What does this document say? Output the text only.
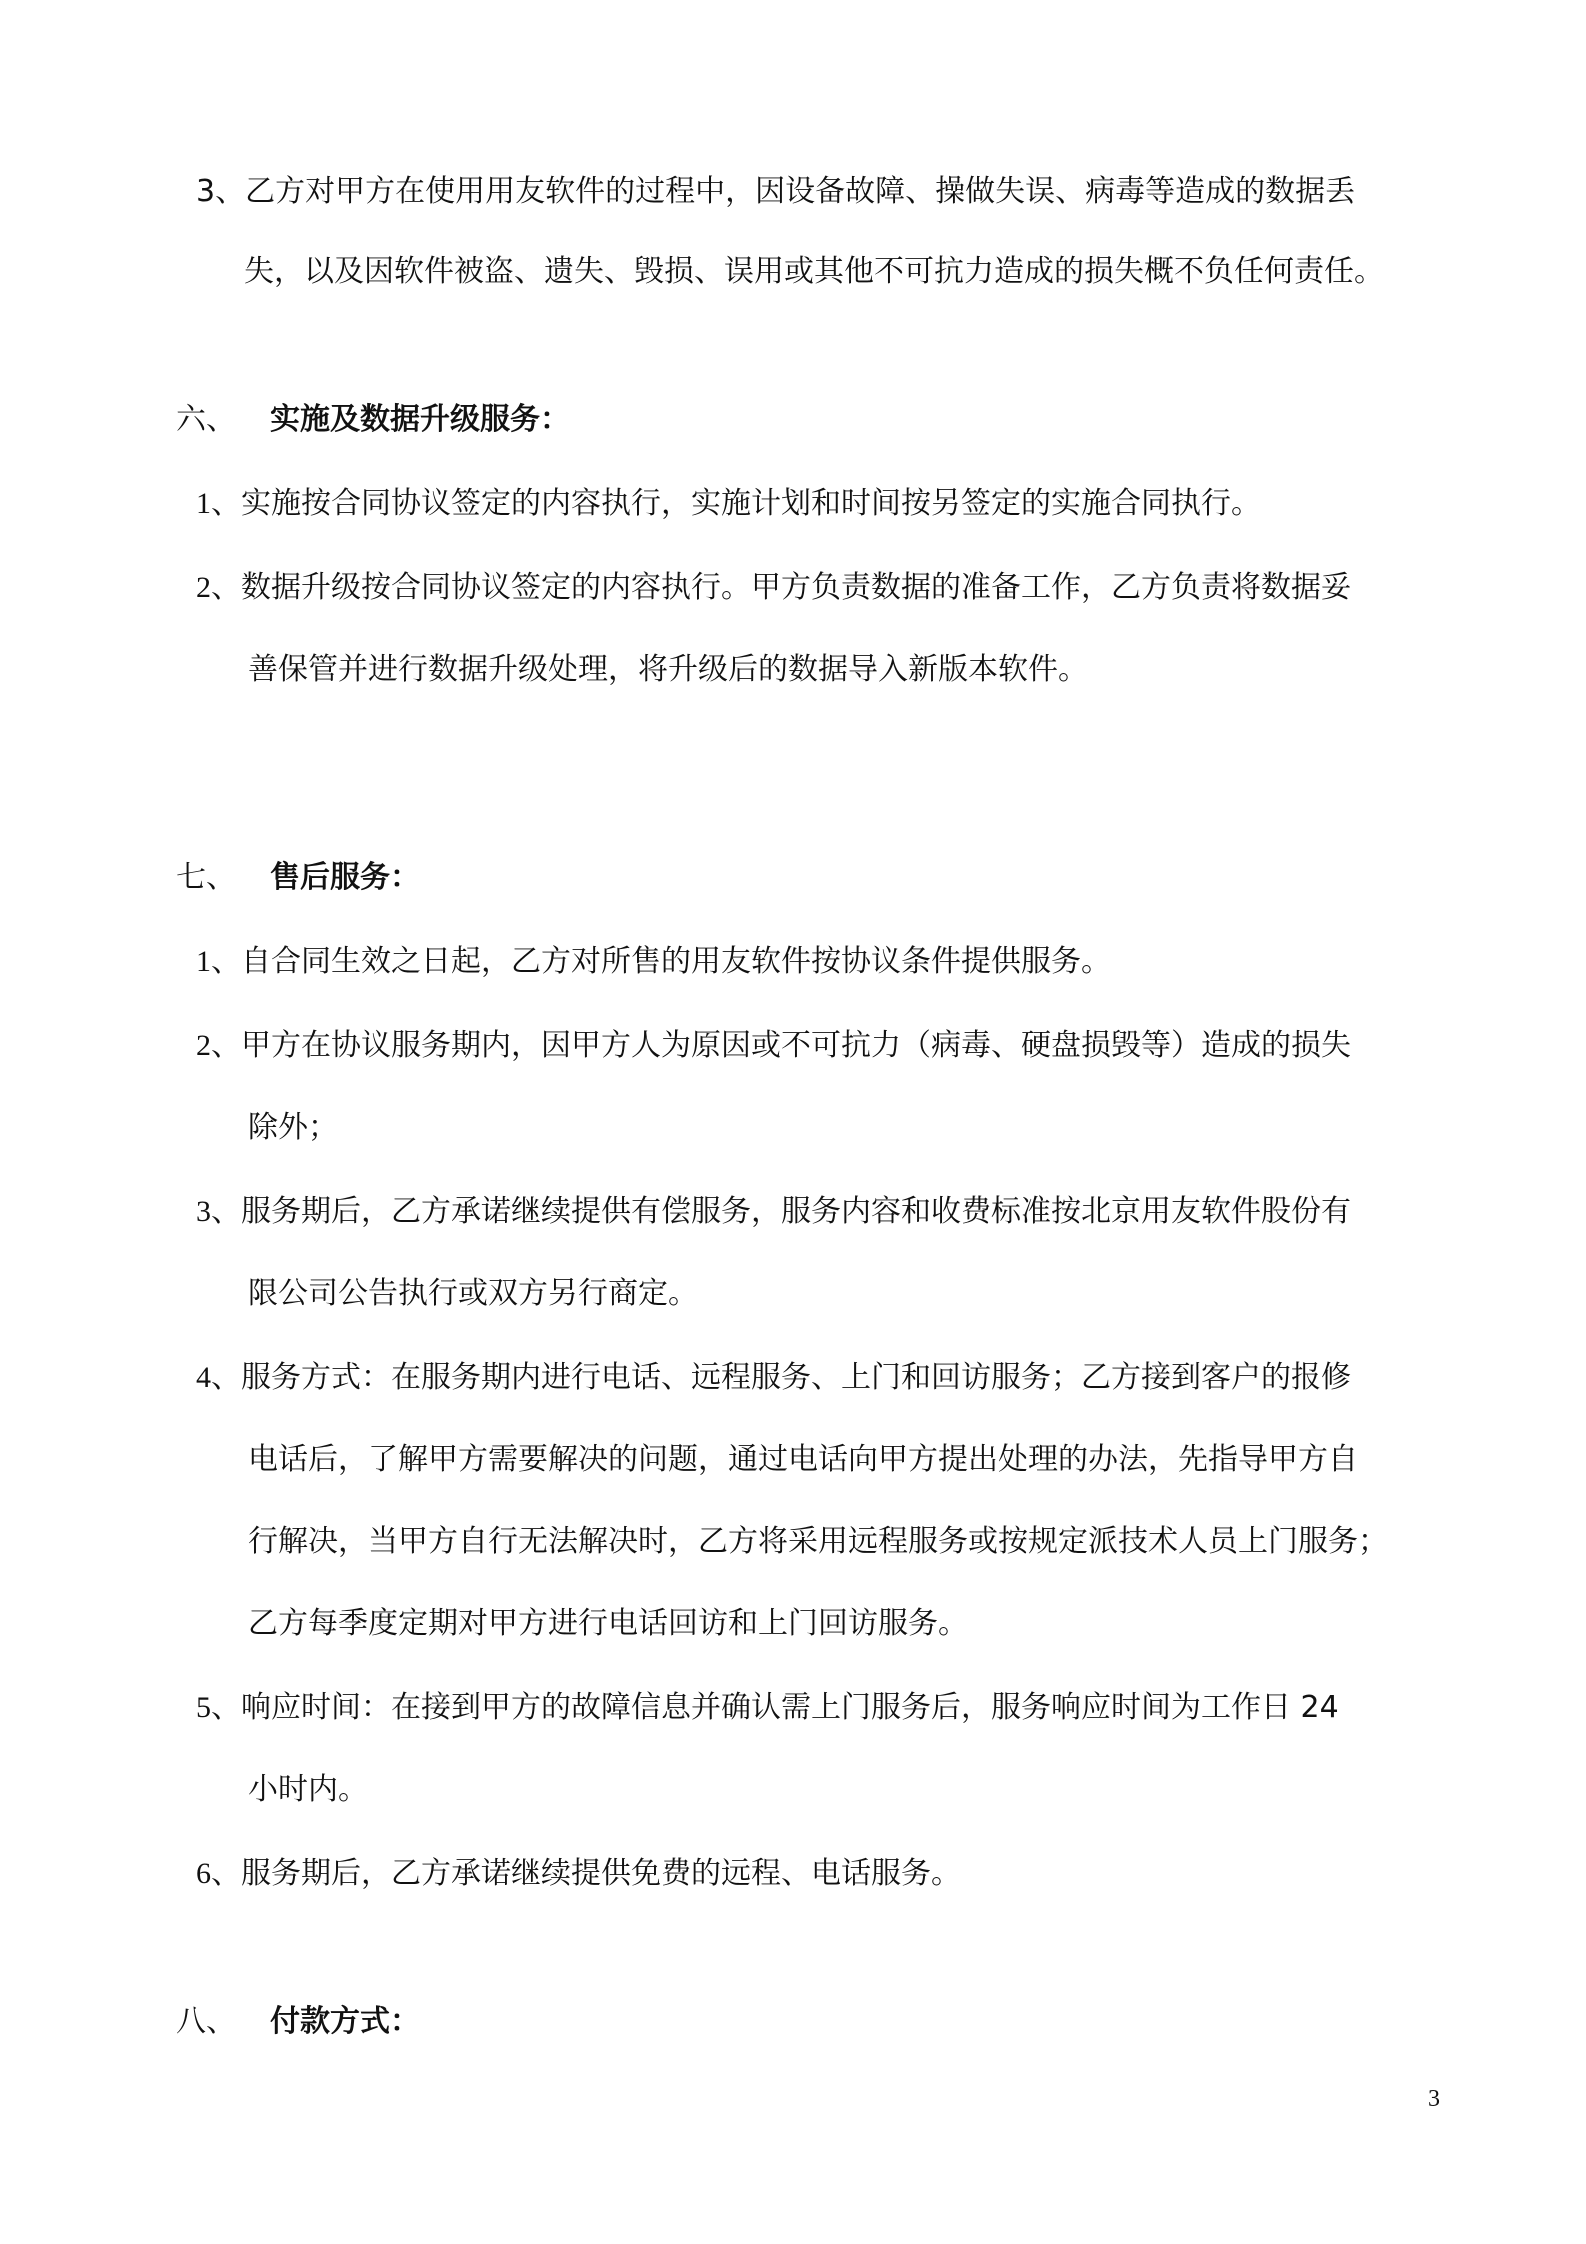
3、乙方对甲方在使用用友软件的过程中，因设备故障、操做失误、病毒等造成的数据丢
失，以及因软件被盗、遗失、毁损、误用或其他不可抗力造成的损失概不负任何责任。
六、 实施及数据升级服务：
1、实施按合同协议签定的内容执行，实施计划和时间按另签定的实施合同执行。
2、数据升级按合同协议签定的内容执行。甲方负责数据的准备工作，乙方负责将数据妥
善保管并进行数据升级处理，将升级后的数据导入新版本软件。
七、 售后服务：
1、自合同生效之日起，乙方对所售的用友软件按协议条件提供服务。
2、甲方在协议服务期内，因甲方人为原因或不可抗力（病毒、硬盘损毁等）造成的损失
除外；
3、服务期后，乙方承诺继续提供有偿服务，服务内容和收费标准按北京用友软件股份有
限公司公告执行或双方另行商定。
4、服务方式：在服务期内进行电话、远程服务、上门和回访服务；乙方接到客户的报修
电话后，了解甲方需要解决的问题，通过电话向甲方提出处理的办法，先指导甲方自
行解决，当甲方自行无法解决时，乙方将采用远程服务或按规定派技术人员上门服务；
乙方每季度定期对甲方进行电话回访和上门回访服务。
5、响应时间：在接到甲方的故障信息并确认需上门服务后，服务响应时间为工作日 24
小时内。
6、服务期后，乙方承诺继续提供免费的远程、电话服务。
八、 付款方式：
3
